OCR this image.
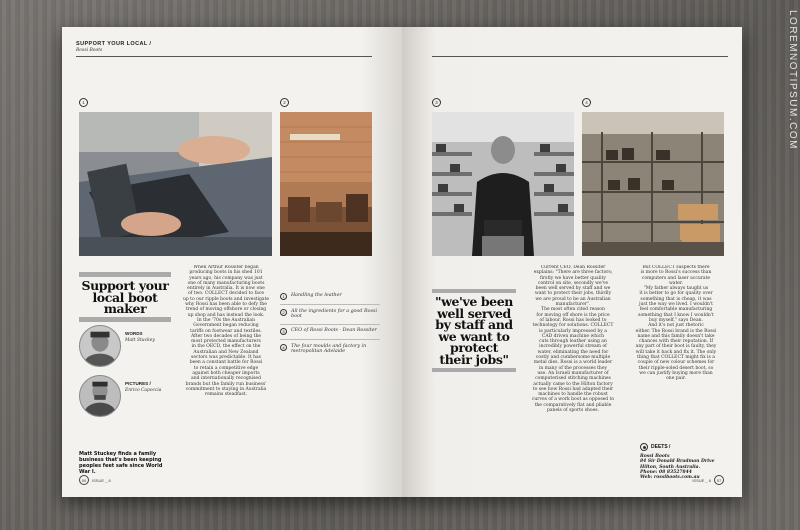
LOREMNOTIPSUM.COM
SUPPORT YOUR LOCAL /
Bossi Boots
1	2
Support your local boot maker
WORDS
Matt Stuckey
PICTURES /
Enrico Capoccia
Matt Stuckey finds a family business that's been keeping peoples feet safe since World War I.
When Arthur Rossiter began
producing boots in his shed 101
years ago, his company was just
one of many manufacturing boots
entirely in Australia. It is now one
of two. COLLECT decided to face
up to our ripple boots and investigate
why Rossi has been able to defy the
trend of moving offshore or closing
up shop and has instead the look.
In the '70s the Australian
Government began reducing
tariffs on footwear and textiles.
After two decades of being the
most protected manufacturers
in the OECD, the effect on the
Australian and New Zealand
sectors was predictable. It has
been a constant battle for Rossi
to retain a competitive edge
against both cheaper imports
and internationally recognised
brands but the family run business'
commitment to staying in Australia
remains steadfast.
1	Handling the leather
2	All the ingredients for a good Rossi boot
3	CEO of Rossi Boots - Dean Rossiter
4	The four moulds and factory in metropolitan Adelaide
50	ISSUE _ 6
3	4
"we've been well served by staff and we want to protect their jobs"
Current CEO, Dean Rossiter
explains: "There are three factors;
firstly we have better quality
control on site, secondly we've
been well served by staff and we
want to protect their jobs, thirdly
we are proud to be an Australian
manufacturer".
The most often cited reason
for moving off shore is the price
of labour. Rossi has looked to
technology for solutions. COLLECT
is particularly impressed by a
CAD driven machine which
cuts through leather using an
incredibly powerful stream of
water, eliminating the need for
costly and cumbersome multiple
metal dies. Rossi is a world leader
in many of the processes they
use. An Israeli manufacturer of
computerised stitching machines
actually came to the Hilton factory
to see how Rossi had adapted their
machines to handle the robust
curves of a work boot as opposed to
the comparatively flat and pliable
panels of sports shoes.
But COLLECT suspects there
is more to Rossi's success than
computers and laser accurate
water.
"My father always taught us
it is better to go for quality over
something that is cheap, it was
just the way we lived. I wouldn't
feel comfortable manufacturing
something that I know I wouldn't
buy myself," says Dean.
And it's not just rhetoric
either. The Rossi brand is the Rossi
name and this family doesn't take
chances with their reputation. If
any part of their boot is faulty, they
will take it back and fix it. The only
thing that COLLECT might fix is a
couple of new colour schemes for
their ripple-soled desert boot, so
we can justify buying more than
one pair.
DEETS /
Rossi Boots
84 Sir Donald Bradman Drive
Hilton, South Australia.
Phone: 08 83527844
Web: rossiboots.com.au
ISSUE _ 6	57
